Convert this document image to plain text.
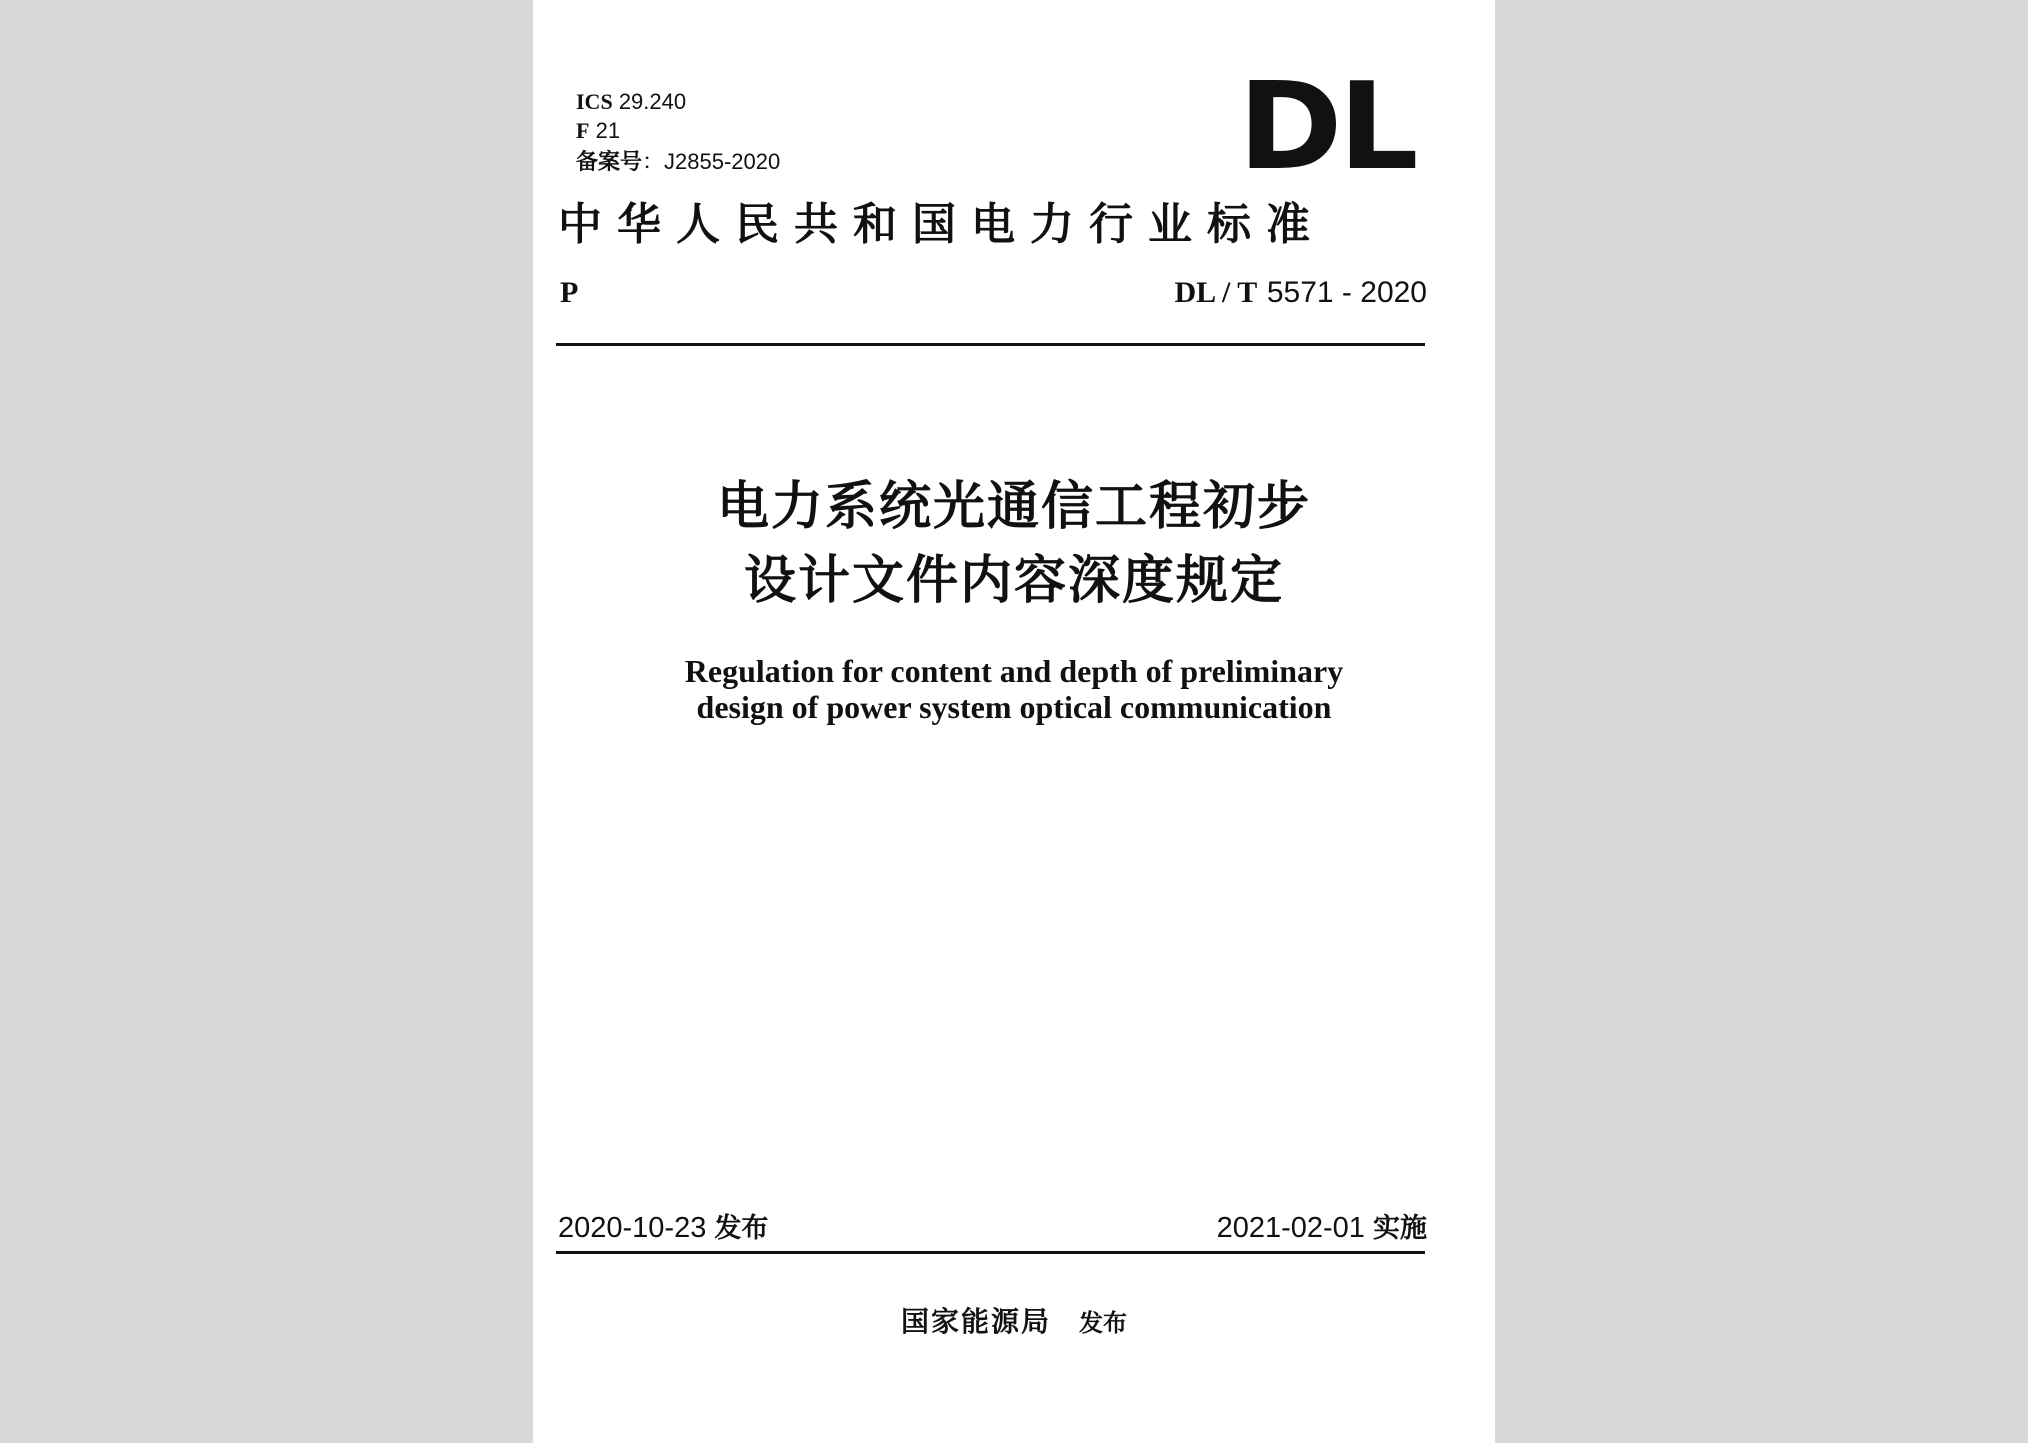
ICS 29.240
F 21
备案号：J2855-2020	DL
中华人民共和国电力行业标准
P	DL / T 5571 - 2020
电力系统光通信工程初步
设计文件内容深度规定
Regulation for content and depth of preliminary
design of power system optical communication
2020-10-23 发布	2021-02-01 实施
国家能源局 发布
